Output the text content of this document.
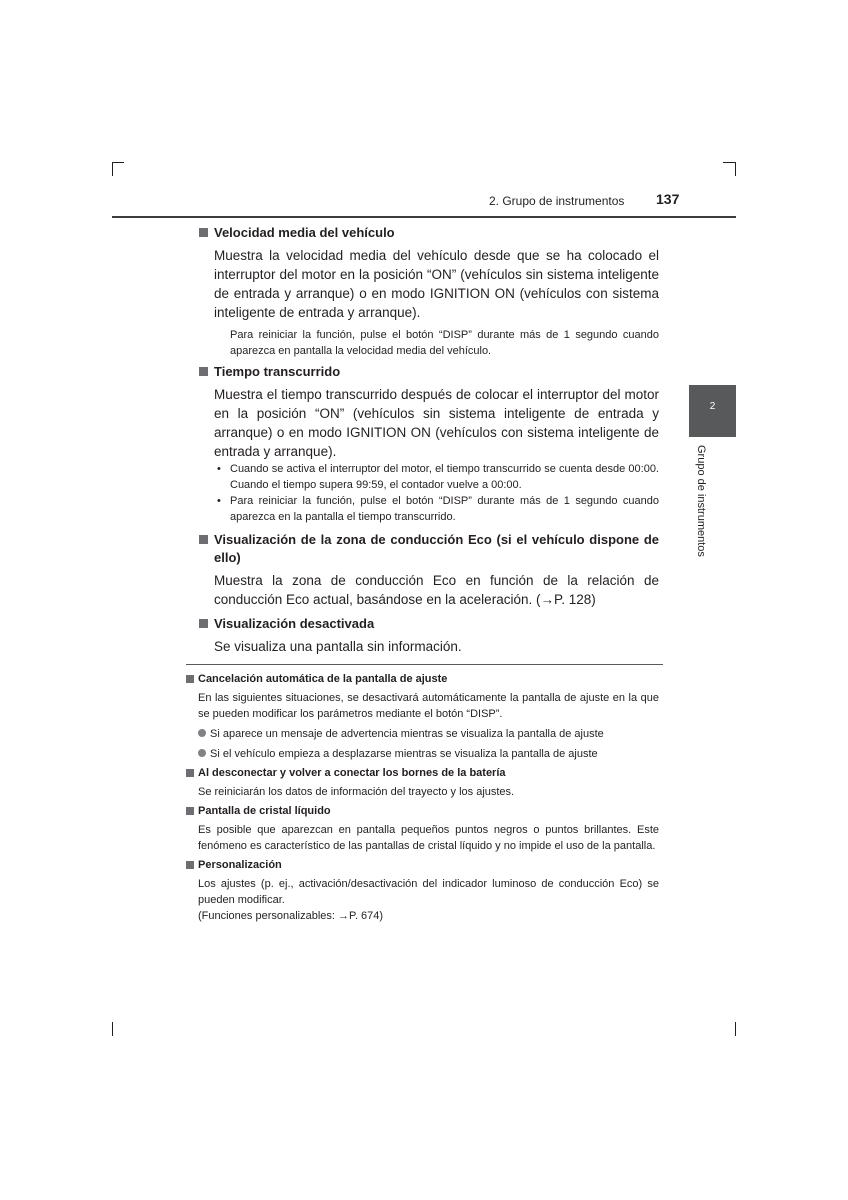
2. Grupo de instrumentos 137
2
Grupo de instrumentos

Velocidad media del vehículo

Muestra la velocidad media del vehículo desde que se ha colocado el interruptor del motor en la posición “ON” (vehículos sin sistema inteligente de entrada y arranque) o en modo IGNITION ON (vehículos con sistema inteligente de entrada y arranque).

Para reiniciar la función, pulse el botón “DISP” durante más de 1 segundo cuando aparezca en pantalla la velocidad media del vehículo.

Tiempo transcurrido

Muestra el tiempo transcurrido después de colocar el interruptor del motor en la posición “ON” (vehículos sin sistema inteligente de entrada y arranque) o en modo IGNITION ON (vehículos con sistema inteligente de entrada y arranque).

• Cuando se activa el interruptor del motor, el tiempo transcurrido se cuenta desde 00:00. Cuando el tiempo supera 99:59, el contador vuelve a 00:00.

• Para reiniciar la función, pulse el botón “DISP” durante más de 1 segundo cuando aparezca en la pantalla el tiempo transcurrido.

Visualización de la zona de conducción Eco (si el vehículo dispone de ello)

Muestra la zona de conducción Eco en función de la relación de conducción Eco actual, basándose en la aceleración. (→P. 128)

Visualización desactivada

Se visualiza una pantalla sin información.

Cancelación automática de la pantalla de ajuste
En las siguientes situaciones, se desactivará automáticamente la pantalla de ajuste en la que se pueden modificar los parámetros mediante el botón “DISP”.
Si aparece un mensaje de advertencia mientras se visualiza la pantalla de ajuste
Si el vehículo empieza a desplazarse mientras se visualiza la pantalla de ajuste
Al desconectar y volver a conectar los bornes de la batería
Se reiniciarán los datos de información del trayecto y los ajustes.
Pantalla de cristal líquido
Es posible que aparezcan en pantalla pequeños puntos negros o puntos brillantes. Este fenómeno es característico de las pantallas de cristal líquido y no impide el uso de la pantalla.
Personalización
Los ajustes (p. ej., activación/desactivación del indicador luminoso de conducción Eco) se pueden modificar.
(Funciones personalizables: →P. 674)
